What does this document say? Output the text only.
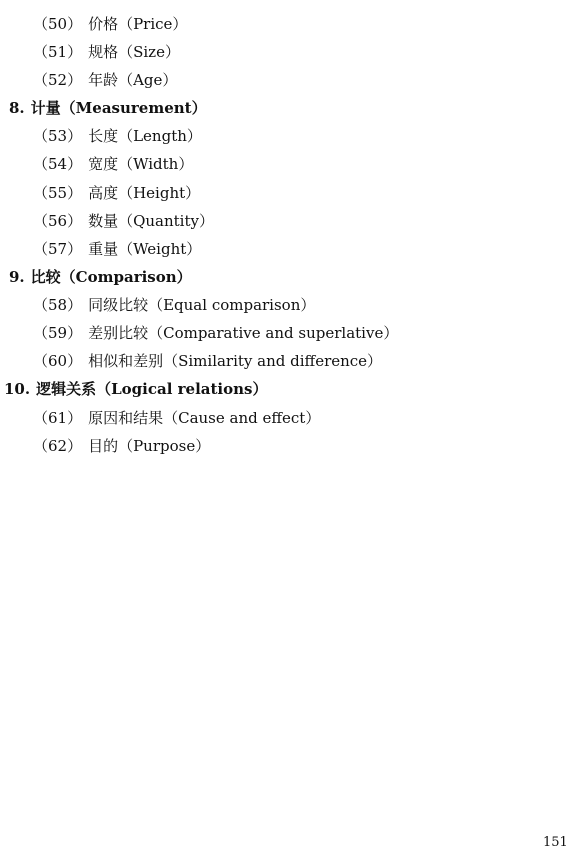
（50） 价格（Price）
（51） 规格（Size）
（52） 年龄（Age）
8. 计量（Measurement）
（53） 长度（Length）
（54） 宽度（Width）
（55） 高度（Height）
（56） 数量（Quantity）
（57） 重量（Weight）
9. 比较（Comparison）
（58） 同级比较（Equal comparison）
（59） 差别比较（Comparative and superlative）
（60） 相似和差别（Similarity and difference）
10. 逻辑关系（Logical relations）
（61） 原因和结果（Cause and effect）
（62） 目的（Purpose）
151
